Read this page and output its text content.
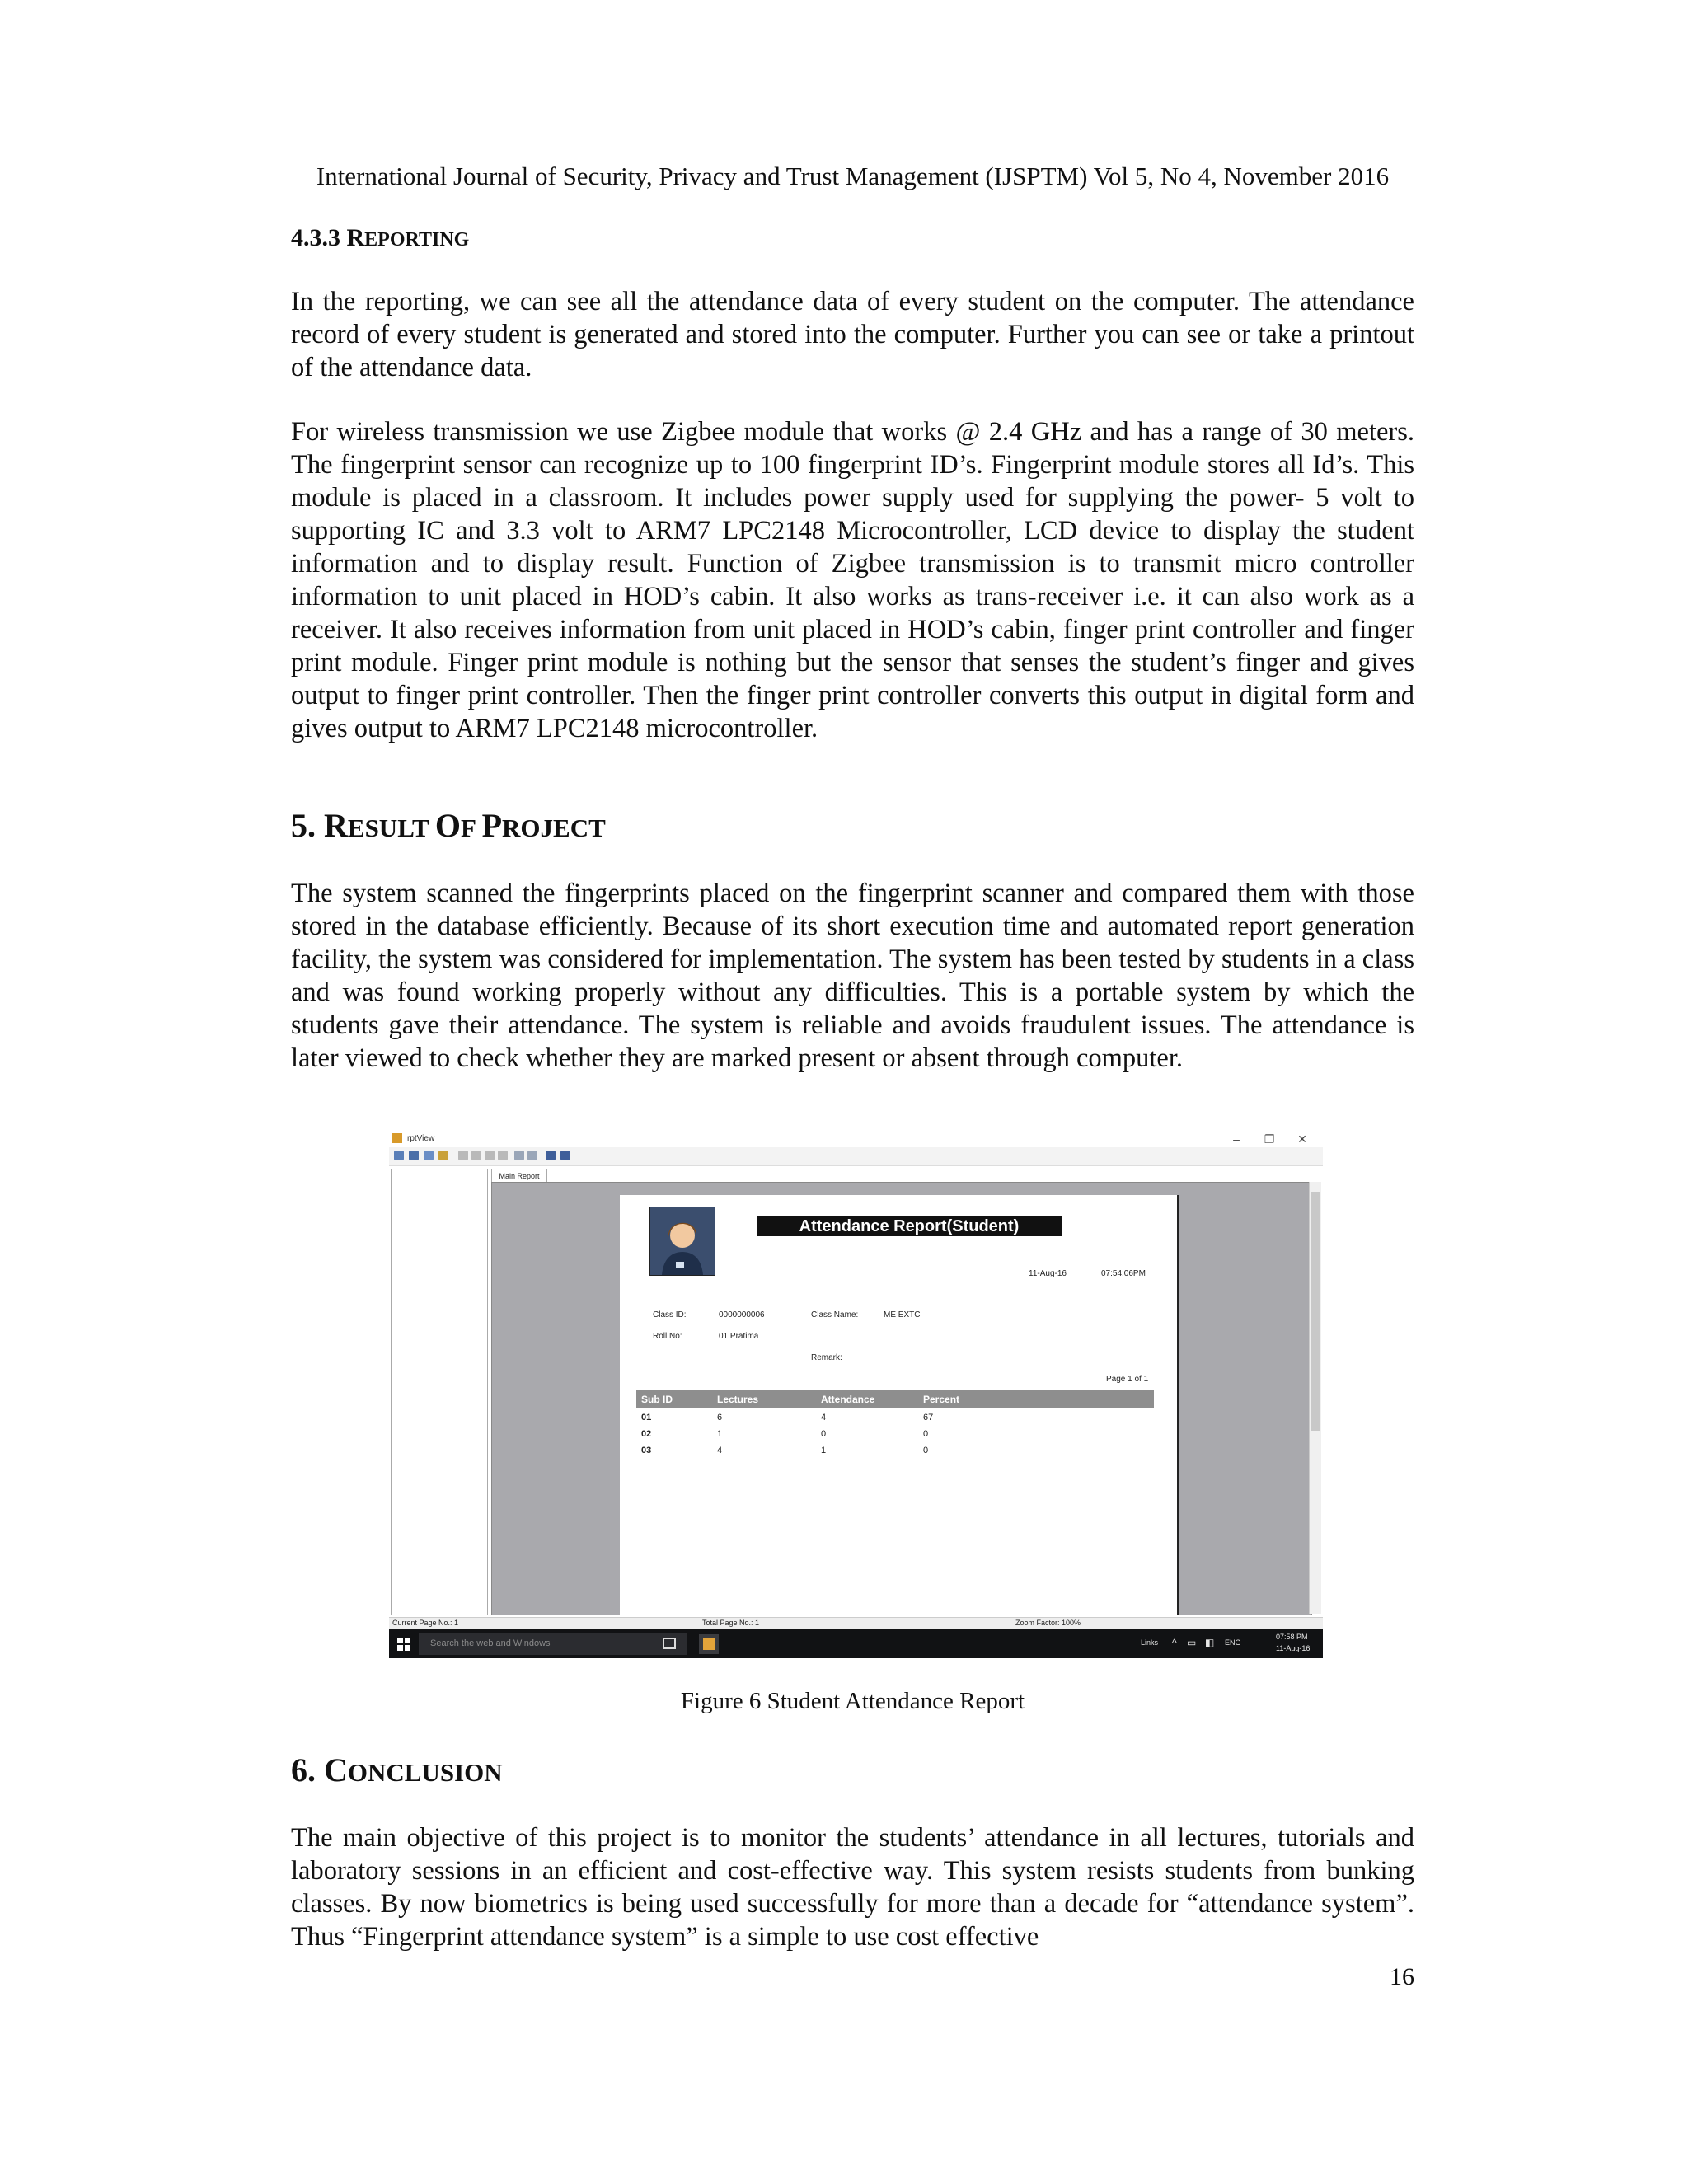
International Journal of Security, Privacy and Trust Management (IJSPTM) Vol 5, No 4, November 2016
4.3.3 REPORTING
In the reporting, we can see all the attendance data of every student on the computer. The attendance record of every student is generated and stored into the computer. Further you can see or take a printout of the attendance data.
For wireless transmission we use Zigbee module that works @ 2.4 GHz and has a range of 30 meters. The fingerprint sensor can recognize up to 100 fingerprint ID’s. Fingerprint module stores all Id’s. This module is placed in a classroom. It includes power supply used for supplying the power- 5 volt to supporting IC and 3.3 volt to ARM7 LPC2148 Microcontroller, LCD device to display the student information and to display result. Function of Zigbee transmission is to transmit micro controller information to unit placed in HOD’s cabin. It also works as trans-receiver i.e. it can also work as a receiver. It also receives information from unit placed in HOD’s cabin, finger print controller and finger print module. Finger print module is nothing but the sensor that senses the student’s finger and gives output to finger print controller. Then the finger print controller converts this output in digital form and gives output to ARM7 LPC2148 microcontroller.
5. RESULT OF PROJECT
The system scanned the fingerprints placed on the fingerprint scanner and compared them with those stored in the database efficiently. Because of its short execution time and automated report generation facility, the system was considered for implementation. The system has been tested by students in a class and was found working properly without any difficulties. This is a portable system by which the students gave their attendance. The system is reliable and avoids fraudulent issues. The attendance is later viewed to check whether they are marked present or absent through computer.
rptView	–	❐	✕
Main Report
Attendance Report(Student)
11-Aug-16	07:54:06PM
Class ID:	0000000006	Class Name:	ME EXTC
Roll No:	01 Pratima
Remark:
Page 1 of 1
Sub ID	Lectures	Attendance	Percent
01	6	4	67
02	1	0	0
03	4	1	0
Current Page No.: 1	Total Page No.: 1	Zoom Factor: 100%
Search the web and Windows	Links ^ ▭ ◧ ENG
07:58 PM
11-Aug-16
Figure 6 Student Attendance Report
6. CONCLUSION
The main objective of this project is to monitor the students’ attendance in all lectures, tutorials and laboratory sessions in an efficient and cost-effective way. This system resists students from bunking classes. By now biometrics is being used successfully for more than a decade for “attendance system”. Thus “Fingerprint attendance system” is a simple to use cost effective
16
